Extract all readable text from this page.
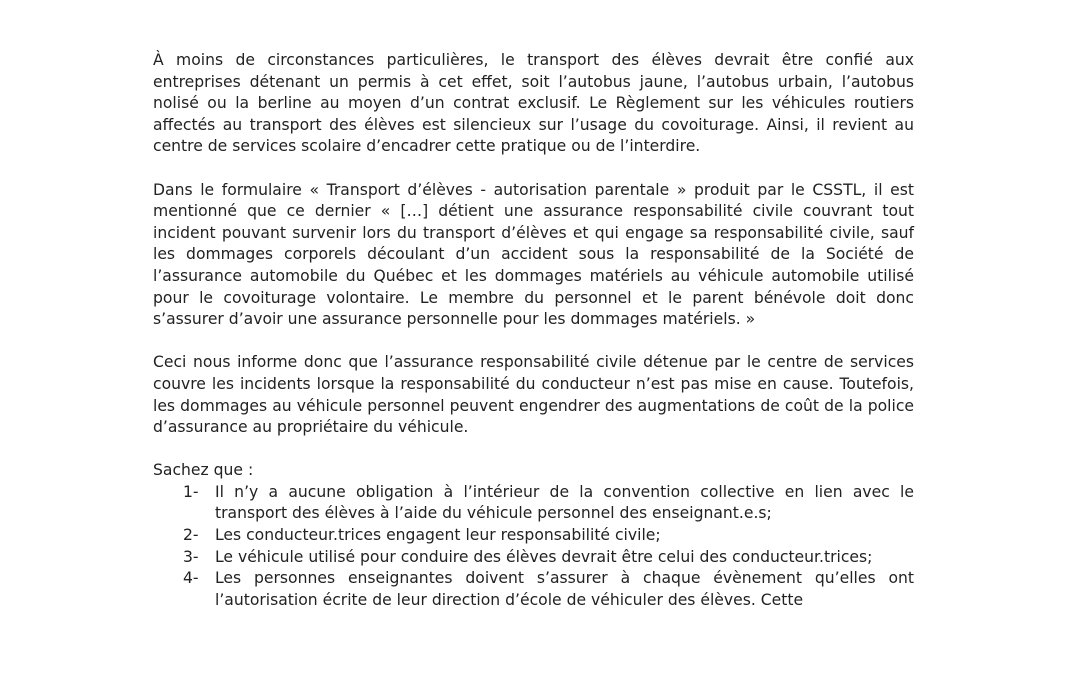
À moins de circonstances particulières, le transport des élèves devrait être confié aux entreprises détenant un permis à cet effet, soit l’autobus jaune, l’autobus urbain, l’autobus nolisé ou la berline au moyen d’un contrat exclusif. Le Règlement sur les véhicules routiers affectés au transport des élèves est silencieux sur l’usage du covoiturage. Ainsi, il revient au centre de services scolaire d’encadrer cette pratique ou de l’interdire.

Dans le formulaire « Transport d’élèves - autorisation parentale » produit par le CSSTL, il est mentionné que ce dernier « […] détient une assurance responsabilité civile couvrant tout incident pouvant survenir lors du transport d’élèves et qui engage sa responsabilité civile, sauf les dommages corporels découlant d’un accident sous la responsabilité de la Société de l’assurance automobile du Québec et les dommages matériels au véhicule automobile utilisé pour le covoiturage volontaire. Le membre du personnel et le parent bénévole doit donc s’assurer d’avoir une assurance personnelle pour les dommages matériels. »

Ceci nous informe donc que l’assurance responsabilité civile détenue par le centre de services couvre les incidents lorsque la responsabilité du conducteur n’est pas mise en cause. Toutefois, les dommages au véhicule personnel peuvent engendrer des augmentations de coût de la police d’assurance au propriétaire du véhicule.

Sachez que :

1-	Il n’y a aucune obligation à l’intérieur de la convention collective en lien avec le transport des élèves à l’aide du véhicule personnel des enseignant.e.s;
2-	Les conducteur.trices engagent leur responsabilité civile;
3-	Le véhicule utilisé pour conduire des élèves devrait être celui des conducteur.trices;
4-	Les personnes enseignantes doivent s’assurer à chaque évènement qu’elles ont l’autorisation écrite de leur direction d’école de véhiculer des élèves. Cette
